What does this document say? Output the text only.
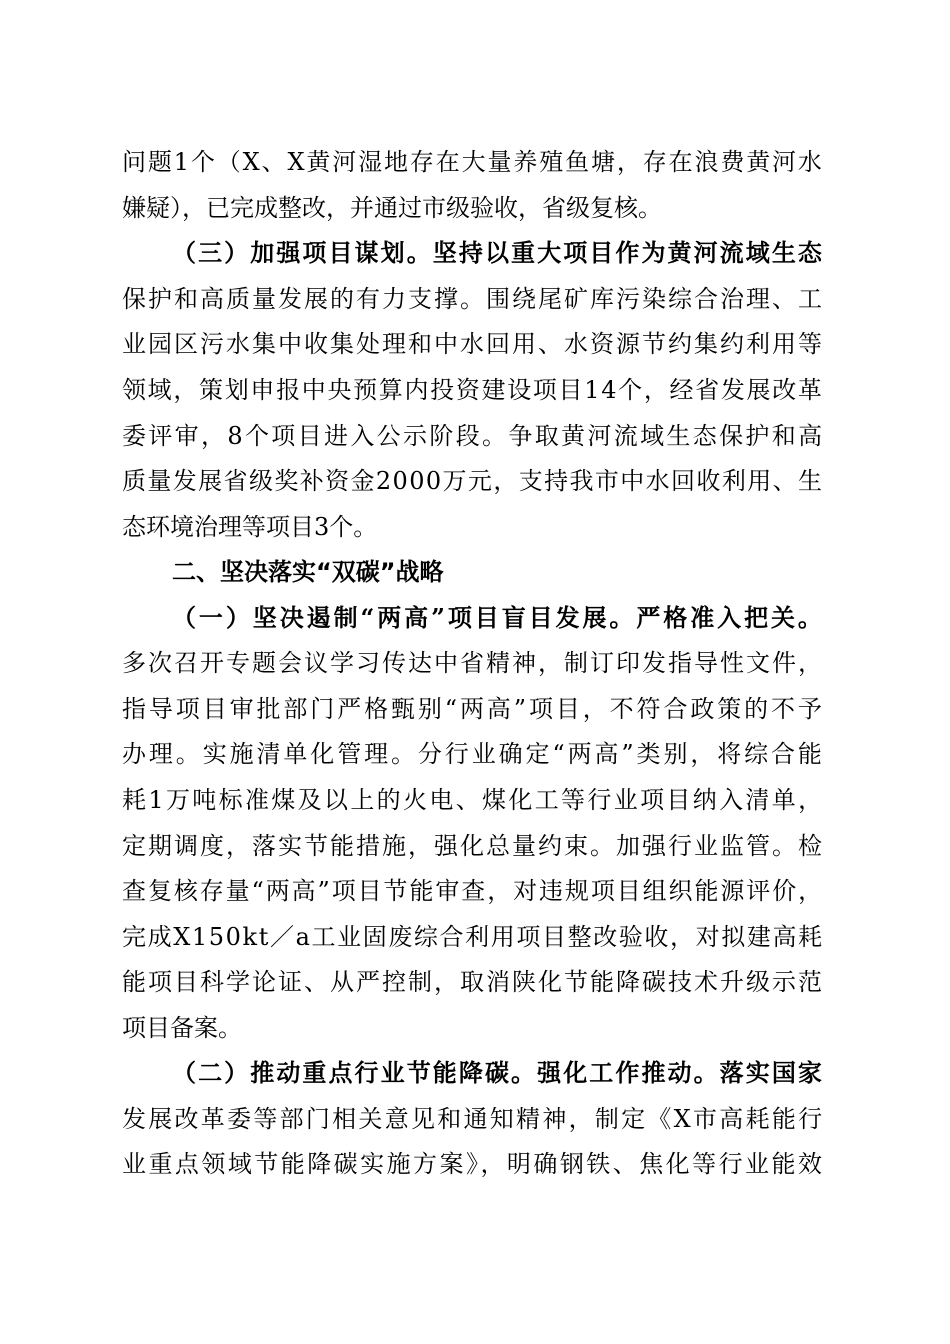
问题1个（X、X黄河湿地存在大量养殖鱼塘，存在浪费黄河水
嫌疑），已完成整改，并通过市级验收，省级复核。
（三）加强项目谋划。坚持以重大项目作为黄河流域生态
保护和高质量发展的有力支撑。围绕尾矿库污染综合治理、工
业园区污水集中收集处理和中水回用、水资源节约集约利用等
领域，策划申报中央预算内投资建设项目14个，经省发展改革
委评审，8个项目进入公示阶段。争取黄河流域生态保护和高
质量发展省级奖补资金2000万元，支持我市中水回收利用、生
态环境治理等项目3个。
二、坚决落实“双碳”战略
（一）坚决遏制“两高”项目盲目发展。严格准入把关。
多次召开专题会议学习传达中省精神，制订印发指导性文件，
指导项目审批部门严格甄别“两高”项目，不符合政策的不予
办理。实施清单化管理。分行业确定“两高”类别，将综合能
耗1万吨标准煤及以上的火电、煤化工等行业项目纳入清单，
定期调度，落实节能措施，强化总量约束。加强行业监管。检
查复核存量“两高”项目节能审查，对违规项目组织能源评价，
完成X150kt／a工业固废综合利用项目整改验收，对拟建高耗
能项目科学论证、从严控制，取消陕化节能降碳技术升级示范
项目备案。
（二）推动重点行业节能降碳。强化工作推动。落实国家
发展改革委等部门相关意见和通知精神，制定《X市高耗能行
业重点领域节能降碳实施方案》，明确钢铁、焦化等行业能效
